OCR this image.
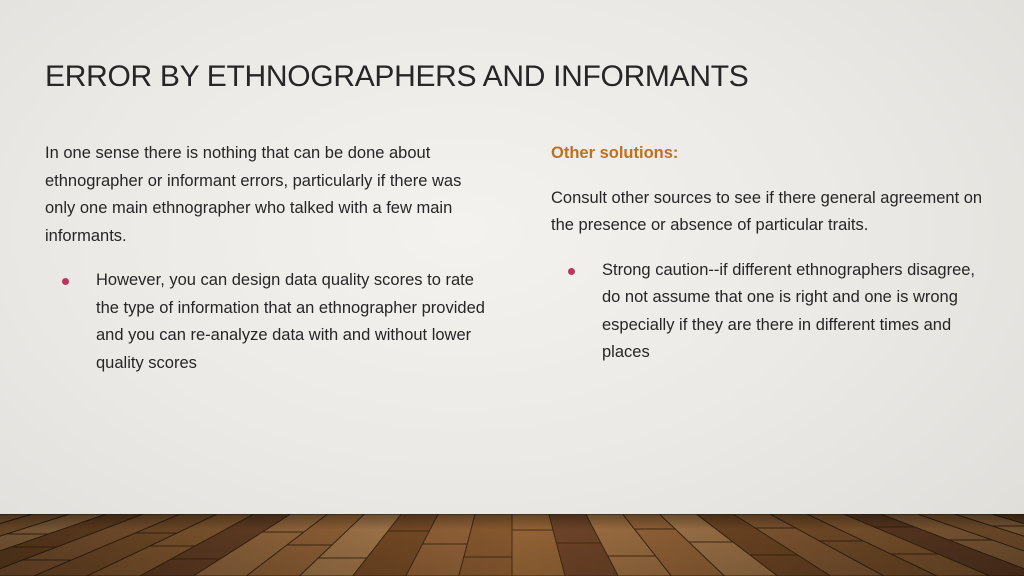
ERROR BY ETHNOGRAPHERS AND INFORMANTS

In one sense there is nothing that can be done about ethnographer or informant errors, particularly if there was only one main ethnographer who talked with a few main informants.

However, you can design data quality scores to rate the type of information that an ethnographer provided and you can re-analyze data with and without lower quality scores

Other solutions:

Consult other sources to see if there general agreement on the presence or absence of particular traits.

Strong caution--if different ethnographers disagree, do not assume that one is right and one is wrong especially if they are there in different times and places
